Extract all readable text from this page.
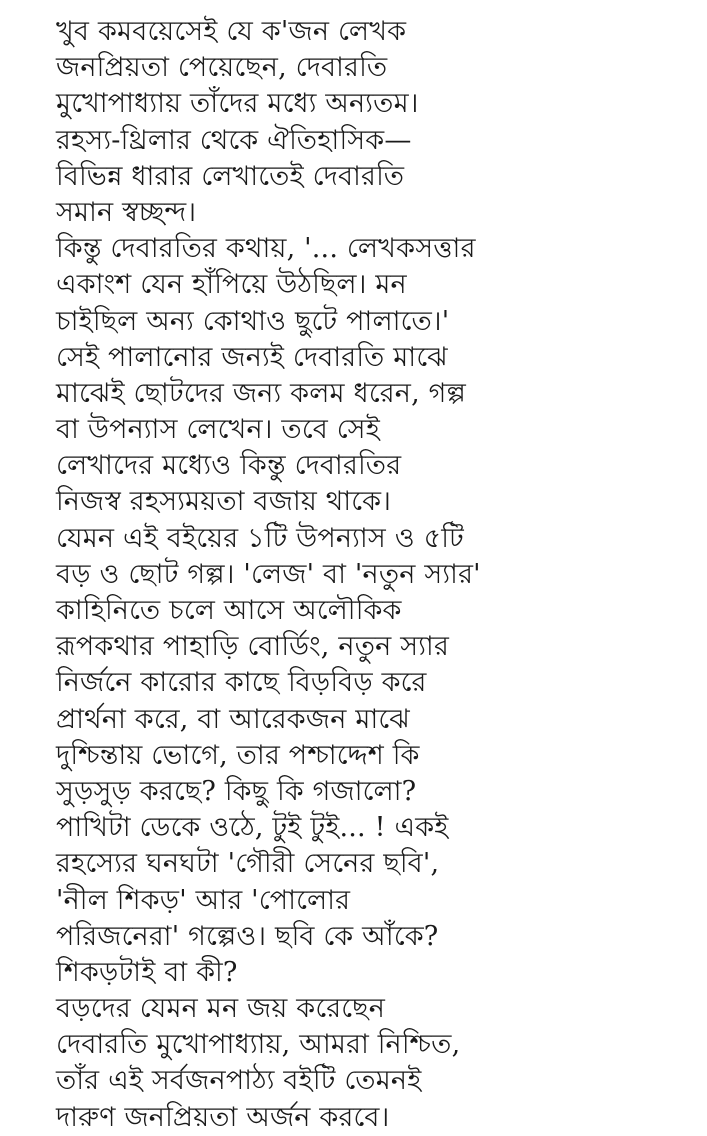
খুব কমবয়েসেই যে ক'জন লেখক
জনপ্রিয়তা পেয়েছেন, দেবারতি
মুখোপাধ্যায় তাঁদের মধ্যে অন্যতম।
রহস্য-থ্রিলার থেকে ঐতিহাসিক—
বিভিন্ন ধারার লেখাতেই দেবারতি
সমান স্বচ্ছন্দ।
কিন্তু দেবারতির কথায়, '... লেখকসত্তার
একাংশ যেন হাঁপিয়ে উঠছিল। মন
চাইছিল অন্য কোথাও ছুটে পালাতে।'
সেই পালানোর জন্যই দেবারতি মাঝে
মাঝেই ছোটদের জন্য কলম ধরেন, গল্প
বা উপন্যাস লেখেন। তবে সেই
লেখাদের মধ্যেও কিন্তু দেবারতির
নিজস্ব রহস্যময়তা বজায় থাকে।
যেমন এই বইয়ের ১টি উপন্যাস ও ৫টি
বড় ও ছোট গল্প। 'লেজ' বা 'নতুন স্যার'
কাহিনিতে চলে আসে অলৌকিক
রূপকথার পাহাড়ি বোর্ডিং, নতুন স্যার
নির্জনে কারোর কাছে বিড়বিড় করে
প্রার্থনা করে, বা আরেকজন মাঝে
দুশ্চিন্তায় ভোগে, তার পশ্চাদ্দেশ কি
সুড়সুড় করছে? কিছু কি গজালো?
পাখিটা ডেকে ওঠে, টুই টুই... ! একই
রহস্যের ঘনঘটা 'গৌরী সেনের ছবি',
'নীল শিকড়' আর 'পোলোর
পরিজনেরা' গল্পেও। ছবি কে আঁকে?
শিকড়টাই বা কী?
বড়দের যেমন মন জয় করেছেন
দেবারতি মুখোপাধ্যায়, আমরা নিশ্চিত,
তাঁর এই সর্বজনপাঠ্য বইটি তেমনই
দারুণ জনপ্রিয়তা অর্জন করবে।
